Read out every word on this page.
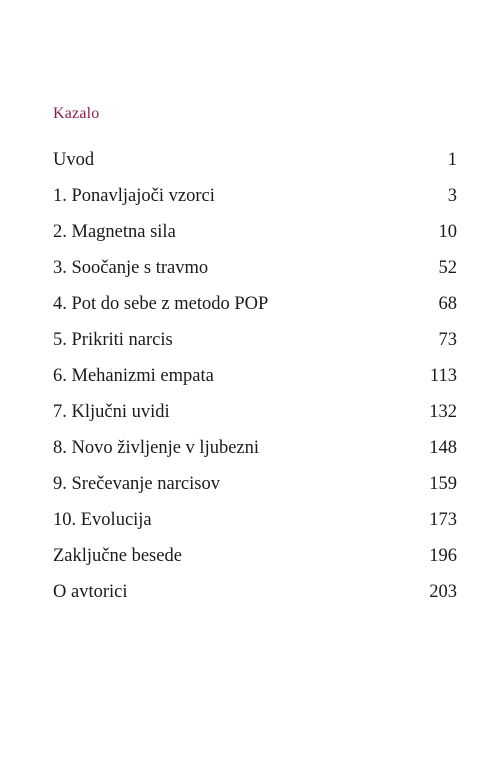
Kazalo
Uvod	1
1. Ponavljajoči vzorci	3
2. Magnetna sila	10
3. Soočanje s travmo	52
4. Pot do sebe z metodo POP	68
5. Prikriti narcis	73
6. Mehanizmi empata	113
7. Ključni uvidi	132
8. Novo življenje v ljubezni	148
9. Srečevanje narcisov	159
10. Evolucija	173
Zaključne besede	196
O avtorici	203
